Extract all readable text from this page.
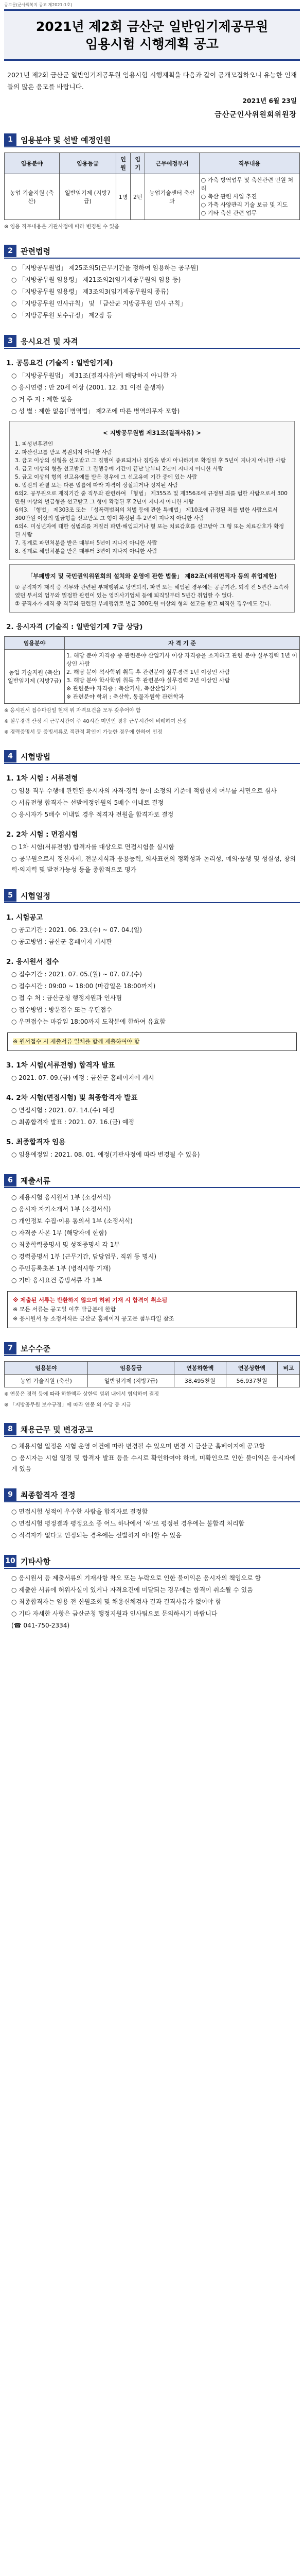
공고문(군사회복지 공고 제2021-1호)
2021년 제2회 금산군 일반임기제공무원
임용시험 시행계획 공고
2021년 제2회 금산군 일반임기제공무원 임용시험 시행계획을 다음과 같이 공개모집하오니 유능한 인재들의 많은 응모를 바랍니다.
2021년 6월 23일
금산군인사위원회위원장
1	임용분야 및 선발 예정인원
임용분야	임용등급	인원	임기	근무예정부서	직무내용
농업 기술지원 (축산)	일반임기제 (지방7급)	1명	2년	농업기술센터 축산과	○ 가축 방역업무 및 축산관련 민원 처리
○ 축산 관련 사업 추진
○ 가축 사양관리 기술 보급 및 지도
○ 기타 축산 관련 업무
※ 임용 직무내용은 기관사정에 따라 변경될 수 있음
2	관련법령
○ 「지방공무원법」 제25조의5(근무기간을 정하여 임용하는 공무원)
○ 「지방공무원 임용령」 제21조의2(임기제공무원의 임용 등)
○ 「지방공무원 임용령」 제3조의3(임기제공무원의 종류)
○ 「지방공무원 인사규칙」 및 「금산군 지방공무원 인사 규칙」
○ 「지방공무원 보수규정」 제2장 등
3	응시요건 및 자격
1. 공통요건 (기술직 : 일반임기제)
○ 「지방공무원법」 제31조(결격사유)에 해당하지 아니한 자
○ 응시연령 : 만 20세 이상 (2001. 12. 31 이전 출생자)
○ 거 주 지 : 제한 없음
○ 성 별 : 제한 없음(「병역법」 제2조에 따른 병역의무자 포함)
< 지방공무원법 제31조(결격사유) >
1. 피성년후견인
2. 파산선고를 받고 복권되지 아니한 사람
3. 금고 이상의 실형을 선고받고 그 집행이 종료되거나 집행을 받지 아니하기로 확정된 후 5년이 지나지 아니한 사람
4. 금고 이상의 형을 선고받고 그 집행유예 기간이 끝난 날부터 2년이 지나지 아니한 사람
5. 금고 이상의 형의 선고유예를 받은 경우에 그 선고유예 기간 중에 있는 사람
6. 법원의 판결 또는 다른 법률에 따라 자격이 상실되거나 정지된 사람
6의2. 공무원으로 재직기간 중 직무와 관련하여 「형법」 제355조 및 제356조에 규정된 죄를 범한 사람으로서 300만원 이상의 벌금형을 선고받고 그 형이 확정된 후 2년이 지나지 아니한 사람
6의3. 「형법」 제303조 또는 「성폭력범죄의 처벌 등에 관한 특례법」 제10조에 규정된 죄를 범한 사람으로서 300만원 이상의 벌금형을 선고받고 그 형이 확정된 후 2년이 지나지 아니한 사람
6의4. 미성년자에 대한 성범죄를 저질러 파면·해임되거나 형 또는 치료감호를 선고받아 그 형 또는 치료감호가 확정된 사람
7. 징계로 파면처분을 받은 때부터 5년이 지나지 아니한 사람
8. 징계로 해임처분을 받은 때부터 3년이 지나지 아니한 사람
「부패방지 및 국민권익위원회의 설치와 운영에 관한 법률」 제82조(비위면직자 등의 취업제한)
① 공직자가 재직 중 직무와 관련된 부패행위로 당연퇴직, 파면 또는 해임된 경우에는 공공기관, 퇴직 전 5년간 소속하였던 부서의 업무와 밀접한 관련이 있는 영리사기업체 등에 퇴직일부터 5년간 취업할 수 없다.
② 공직자가 재직 중 직무와 관련된 부패행위로 벌금 300만원 이상의 형의 선고를 받고 퇴직한 경우에도 같다.
2. 응시자격 (기술직 : 일반임기제 7급 상당)
임용분야	자 격 기 준
농업 기술지원 (축산) 일반임기제 (지방7급)	1. 해당 분야 자격증 중 관련분야 산업기사 이상 자격증을 소지하고 관련 분야 실무경력 1년 이상인 사람
2. 해당 분야 석사학위 취득 후 관련분야 실무경력 1년 이상인 사람
3. 해당 분야 학사학위 취득 후 관련분야 실무경력 2년 이상인 사람
※ 관련분야 자격증 : 축산기사, 축산산업기사
※ 관련분야 학위 : 축산학, 동물자원학 관련학과
※ 응시원서 접수마감일 현재 위 자격요건을 모두 갖추어야 함
※ 실무경력 산정 시 근무시간이 주 40시간 미만인 경우 근무시간에 비례하여 산정
※ 경력증명서 등 증빙서류로 객관적 확인이 가능한 경우에 한하여 인정
4	시험방법
1. 1차 시험 : 서류전형
○ 임용 직무 수행에 관련된 응시자의 자격·경력 등이 소정의 기준에 적합한지 여부를 서면으로 심사
○ 서류전형 합격자는 선발예정인원의 5배수 이내로 결정
○ 응시자가 5배수 이내일 경우 적격자 전원을 합격자로 결정
2. 2차 시험 : 면접시험
○ 1차 시험(서류전형) 합격자를 대상으로 면접시험을 실시함
○ 공무원으로서 정신자세, 전문지식과 응용능력, 의사표현의 정확성과 논리성, 예의·품행 및 성실성, 창의력·의지력 및 발전가능성 등을 종합적으로 평가
5	시험일정
1. 시험공고
○ 공고기간 : 2021. 06. 23.(수) ~ 07. 04.(일)
○ 공고방법 : 금산군 홈페이지 게시판
2. 응시원서 접수
○ 접수기간 : 2021. 07. 05.(월) ~ 07. 07.(수)
○ 접수시간 : 09:00 ~ 18:00 (마감일은 18:00까지)
○ 접 수 처 : 금산군청 행정지원과 인사팀
○ 접수방법 : 방문접수 또는 우편접수
○ 우편접수는 마감일 18:00까지 도착분에 한하여 유효함
※ 원서접수 시 제출서류 일체를 함께 제출하여야 함
3. 1차 시험(서류전형) 합격자 발표
○ 2021. 07. 09.(금) 예정 : 금산군 홈페이지에 게시
4. 2차 시험(면접시험) 및 최종합격자 발표
○ 면접시험 : 2021. 07. 14.(수) 예정
○ 최종합격자 발표 : 2021. 07. 16.(금) 예정
5. 최종합격자 임용
○ 임용예정일 : 2021. 08. 01. 예정(기관사정에 따라 변경될 수 있음)
6	제출서류
○ 채용시험 응시원서 1부 (소정서식)
○ 응시자 자기소개서 1부 (소정서식)
○ 개인정보 수집·이용 동의서 1부 (소정서식)
○ 자격증 사본 1부 (해당자에 한함)
○ 최종학력증명서 및 성적증명서 각 1부
○ 경력증명서 1부 (근무기간, 담당업무, 직위 등 명시)
○ 주민등록초본 1부 (병적사항 기재)
○ 기타 응시요건 증빙서류 각 1부
※ 제출된 서류는 반환하지 않으며 허위 기재 시 합격이 취소됨
※ 모든 서류는 공고일 이후 발급분에 한함
※ 응시원서 등 소정서식은 금산군 홈페이지 공고문 첨부파일 참조
7	보수수준
임용분야	임용등급	연봉하한액	연봉상한액	비고
농업 기술지원 (축산)	일반임기제 (지방7급)	38,495천원	56,937천원	
※ 연봉은 경력 등에 따라 하한액과 상한액 범위 내에서 협의하여 결정
※ 「지방공무원 보수규정」에 따라 연봉 외 수당 등 지급
8	채용근무 및 변경공고
○ 채용시험 일정은 시험 운영 여건에 따라 변경될 수 있으며 변경 시 금산군 홈페이지에 공고함
○ 응시자는 시험 일정 및 합격자 발표 등을 수시로 확인하여야 하며, 미확인으로 인한 불이익은 응시자에게 있음
9	최종합격자 결정
○ 면접시험 성적이 우수한 사람을 합격자로 결정함
○ 면접시험 평정결과 평정요소 중 어느 하나에서 '하'로 평정된 경우에는 불합격 처리함
○ 적격자가 없다고 인정되는 경우에는 선발하지 아니할 수 있음
10 기타사항
○ 응시원서 등 제출서류의 기재사항 착오 또는 누락으로 인한 불이익은 응시자의 책임으로 함
○ 제출한 서류에 허위사실이 있거나 자격요건에 미달되는 경우에는 합격이 취소될 수 있음
○ 최종합격자는 임용 전 신원조회 및 채용신체검사 결과 결격사유가 없어야 함
○ 기타 자세한 사항은 금산군청 행정지원과 인사팀으로 문의하시기 바랍니다
(☎ 041-750-2334)
